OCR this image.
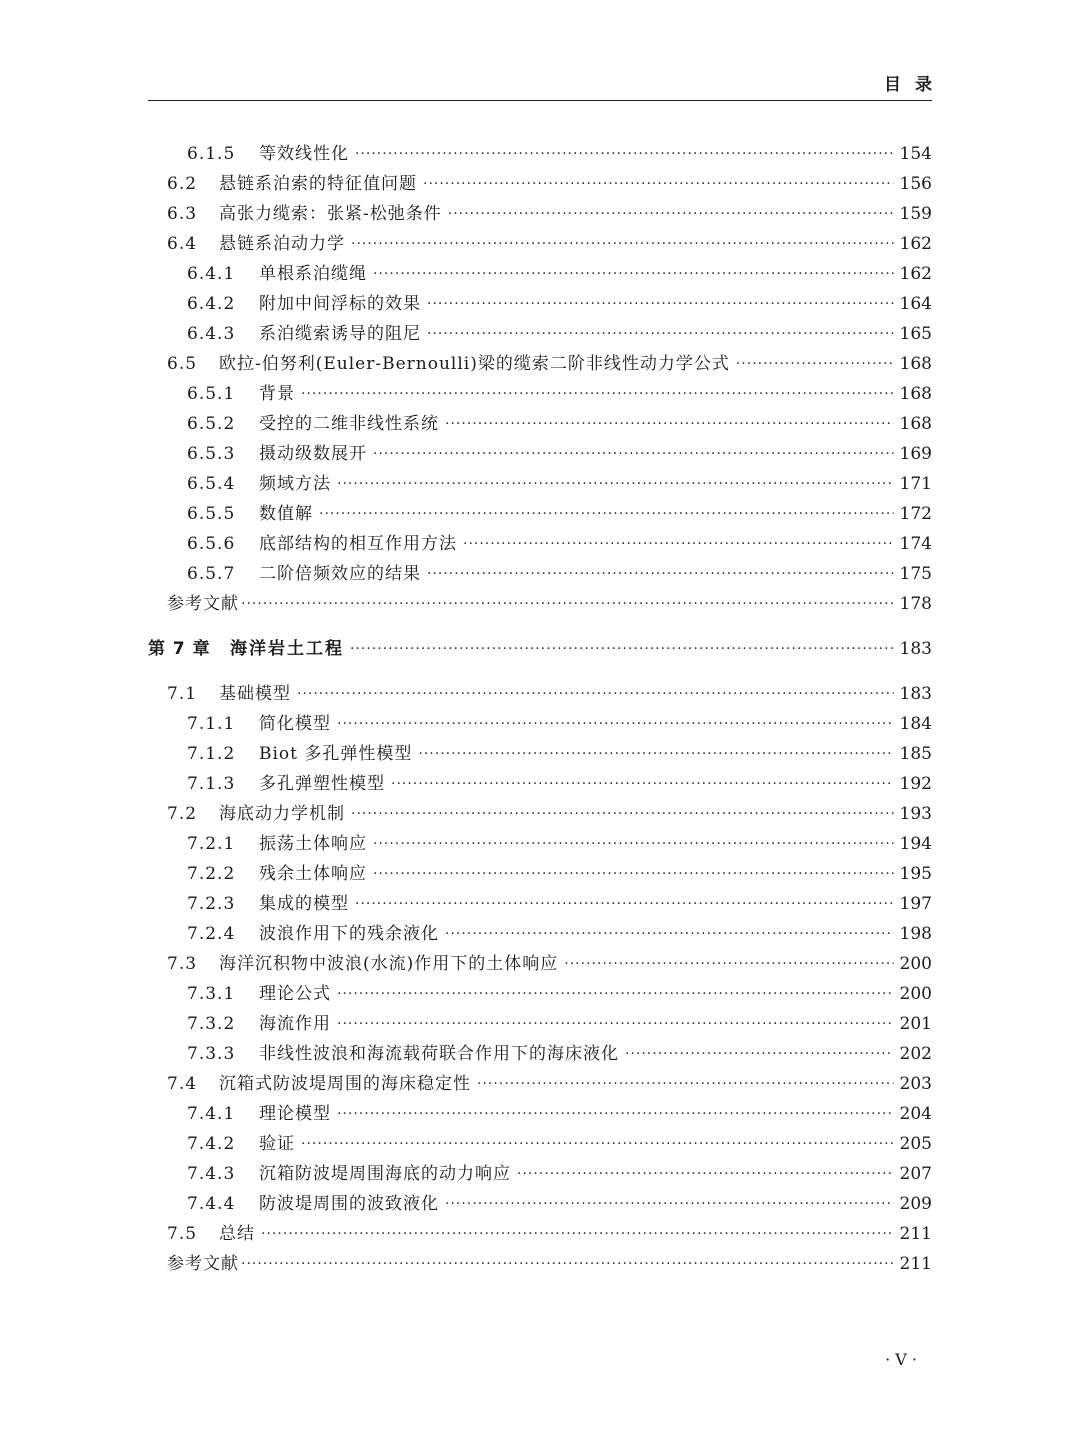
目录
6.1.5	等效线性化 ·····	154
6.2	悬链系泊索的特征值问题 ·····	156
6.3	高张力缆索：张紧-松弛条件 ·····	159
6.4	悬链系泊动力学 ·····	162
6.4.1	单根系泊缆绳 ·····	162
6.4.2	附加中间浮标的效果 ·····	164
6.4.3	系泊缆索诱导的阻尼 ·····	165
6.5	欧拉-伯努利(Euler-Bernoulli)梁的缆索二阶非线性动力学公式 ·····	168
6.5.1	背景 ·····	168
6.5.2	受控的二维非线性系统 ·····	168
6.5.3	摄动级数展开 ·····	169
6.5.4	频域方法 ·····	171
6.5.5	数值解 ·····	172
6.5.6	底部结构的相互作用方法 ·····	174
6.5.7	二阶倍频效应的结果 ·····	175
参考文献 ·····	178
第 7 章	海洋岩土工程 ·····	183
7.1	基础模型 ·····	183
7.1.1	简化模型 ·····	184
7.1.2	Biot 多孔弹性模型 ·····	185
7.1.3	多孔弹塑性模型 ·····	192
7.2	海底动力学机制 ·····	193
7.2.1	振荡土体响应 ·····	194
7.2.2	残余土体响应 ·····	195
7.2.3	集成的模型 ·····	197
7.2.4	波浪作用下的残余液化 ·····	198
7.3	海洋沉积物中波浪(水流)作用下的土体响应 ·····	200
7.3.1	理论公式 ·····	200
7.3.2	海流作用 ·····	201
7.3.3	非线性波浪和海流载荷联合作用下的海床液化 ·····	202
7.4	沉箱式防波堤周围的海床稳定性 ·····	203
7.4.1	理论模型 ·····	204
7.4.2	验证 ·····	205
7.4.3	沉箱防波堤周围海底的动力响应 ·····	207
7.4.4	防波堤周围的波致液化 ·····	209
7.5	总结 ·····	211
参考文献 ·····	211
· V ·
